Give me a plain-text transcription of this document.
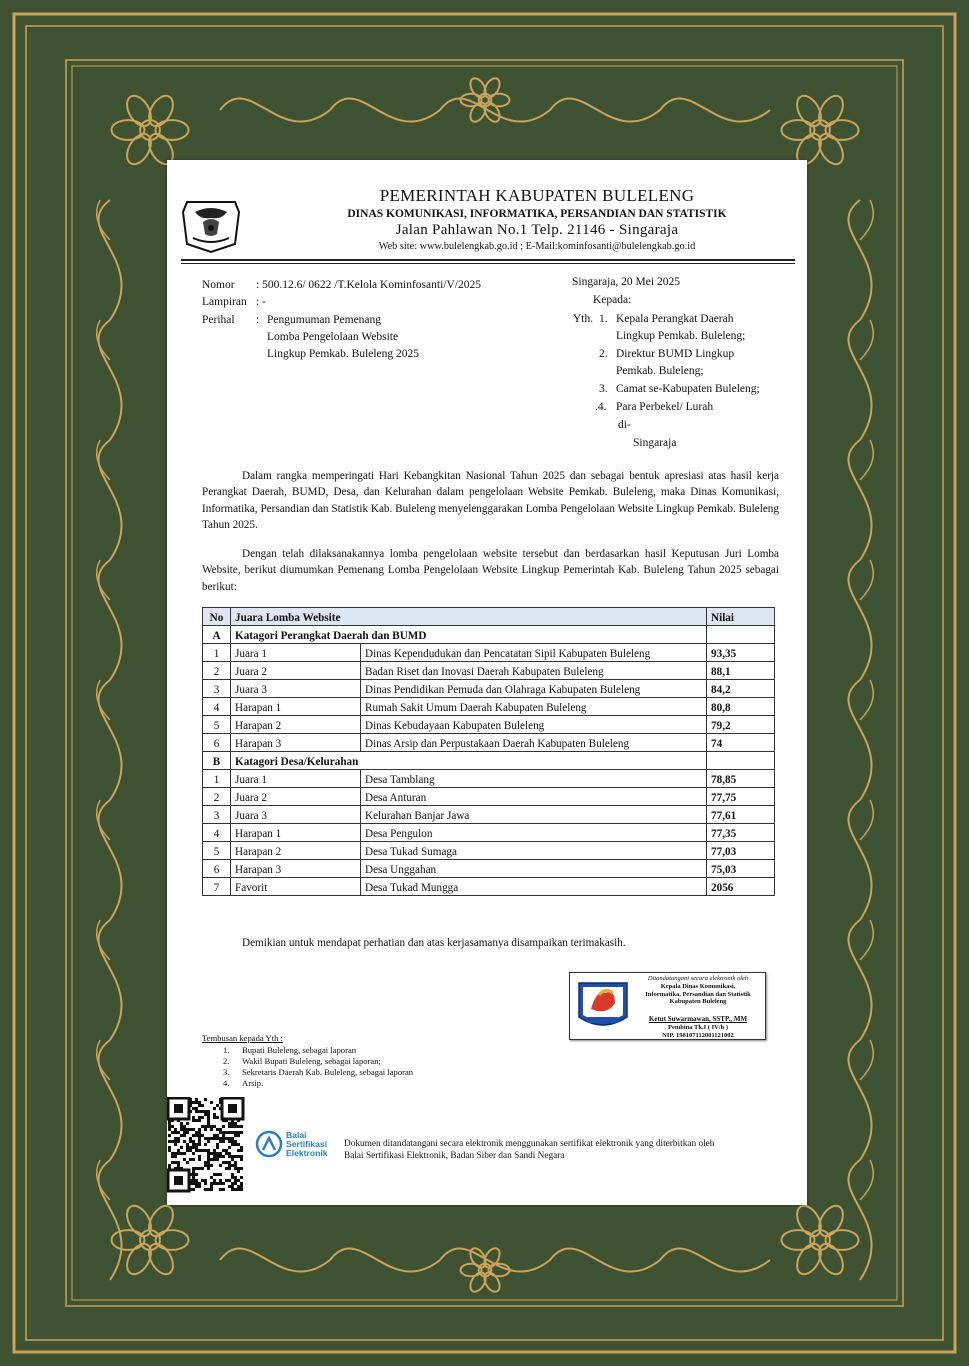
PEMERINTAH KABUPATEN BULELENG
DINAS KOMUNIKASI, INFORMATIKA, PERSANDIAN DAN STATISTIK
Jalan Pahlawan No.1 Telp. 21146 - Singaraja
Web site: www.bulelengkab.go.id ; E-Mail:kominfosanti@bulelengkab.go.id
Nomor : 500.12.6/ 0622 /T.Kelola Kominfosanti/V/2025
Lampiran : -
Perihal : Pengumuman Pemenang
Lomba Pengelolaan Website
Lingkup Pemkab. Buleleng 2025
Singaraja, 20 Mei 2025
Kepada:
Yth. 1. Kepala Perangkat Daerah
Lingkup Pemkab. Buleleng;
2. Direktur BUMD Lingkup
Pemkab. Buleleng;
3. Camat se-Kabupaten Buleleng;
.4. Para Perbekel/ Lurah
di-
Singaraja
Dalam rangka memperingati Hari Kebangkitan Nasional Tahun 2025 dan sebagai bentuk apresiasi atas hasil kerja Perangkat Daerah, BUMD, Desa, dan Kelurahan dalam pengelolaan Website Pemkab. Buleleng, maka Dinas Komunikasi, Informatika, Persandian dan Statistik Kab. Buleleng menyelenggarakan Lomba Pengelolaan Website Lingkup Pemkab. Buleleng Tahun 2025.
Dengan telah dilaksanakannya lomba pengelolaan website tersebut dan berdasarkan hasil Keputusan Juri Lomba Website, berikut diumumkan Pemenang Lomba Pengelolaan Website Lingkup Pemerintah Kab. Buleleng Tahun 2025 sebagai berikut:
No	Juara Lomba Website		Nilai
A	Katagori Perangkat Daerah dan BUMD		
1	Juara 1	Dinas Kependudukan dan Pencatatan Sipil Kabupaten Buleleng	93,35
2	Juara 2	Badan Riset dan Inovasi Daerah Kabupaten Buleleng	88,1
3	Juara 3	Dinas Pendidikan Pemuda dan Olahraga Kabupaten Buleleng	84,2
4	Harapan 1	Rumah Sakit Umum Daerah Kabupaten Buleleng	80,8
5	Harapan 2	Dinas Kebudayaan Kabupaten Buleleng	79,2
6	Harapan 3	Dinas Arsip dan Perpustakaan Daerah Kabupaten Buleleng	74
B	Katagori Desa/Kelurahan		
1	Juara 1	Desa Tamblang	78,85
2	Juara 2	Desa Anturan	77,75
3	Juara 3	Kelurahan Banjar Jawa	77,61
4	Harapan 1	Desa Pengulon	77,35
5	Harapan 2	Desa Tukad Sumaga	77,03
6	Harapan 3	Desa Unggahan	75,03
7	Favorit	Desa Tukad Mungga	2056
Demikian untuk mendapat perhatian dan atas kerjasamanya disampaikan terimakasih.
Ditandatangani secara elektronik oleh
Kepala Dinas Komunikasi,
Informatika, Persandian dan Statistik
Kabupaten Buleleng
Ketut Suwarmawan, SSTP., MM
Pembina Tk.I ( IV/b )
NIP. 198107112001121002
Tembusan kepada Yth :
1. Bupati Buleleng, sebagai laporan
2. Wakil Bupati Buleleng, sebagai laporan;
3. Sekretaris Daerah Kab. Buleleng, sebagai laporan
4. Arsip.
Balai
Sertifikasi
Elektronik
Dokumen ditandatangani secara elektronik menggunakan sertifikat elektronik yang diterbitkan oleh
Balai Sertifikasi Elektronik, Badan Siber dan Sandi Negara
